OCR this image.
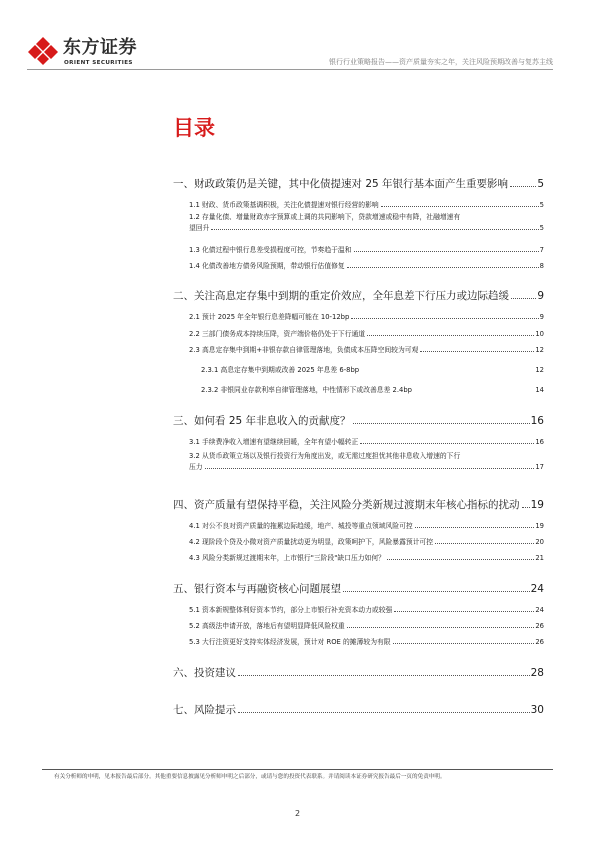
东方证券
ORIENT SECURITIES	银行行业策略报告——资产质量夯实之年，关注风险预期改善与复苏主线
目录
一、财政政策仍是关键，其中化债提速对 25 年银行基本面产生重要影响	5
1.1 财政、货币政策基调积极，关注化债提速对银行经营的影响	5
1.2 存量化债、增量财政赤字预算或上调的共同影响下，贷款增速或稳中有降，社融增速有
望回升	5
1.3 化债过程中银行息差受损程度可控，节奏趋于温和	7
1.4 化债改善地方债务风险预期，带动银行估值修复	8
二、关注高息定存集中到期的重定价效应，全年息差下行压力或边际趋缓	9
2.1 预计 2025 年全年银行息差降幅可能在 10-12bp	9
2.2 三部门债务成本持续压降，资产端价格仍处于下行通道	10
2.3 高息定存集中到期+非银存款自律管理落地，负债成本压降空间较为可观	12
2.3.1 高息定存集中到期或改善 2025 年息差 6-8bp	12
2.3.2 非银同业存款利率自律管理落地，中性情形下或改善息差 2.4bp	14
三、如何看 25 年非息收入的贡献度？	16
3.1 手续费净收入增速有望继续回暖，全年有望小幅转正	16
3.2 从货币政策立场以及银行投资行为角度出发，或无需过度担忧其他非息收入增速的下行
压力	17
四、资产质量有望保持平稳，关注风险分类新规过渡期末年核心指标的扰动 19
4.1 对公不良对资产质量的拖累边际趋缓，地产、城投等重点领域风险可控	19
4.2 现阶段个贷及小微对资产质量扰动更为明显，政策呵护下，风险暴露预计可控	20
4.3 风险分类新规过渡期末年，上市银行"三阶段"缺口压力如何？	21
五、银行资本与再融资核心问题展望	24
5.1 资本新规整体利好资本节约，部分上市银行补充资本动力或较强	24
5.2 高级法申请开放，落地后有望明显降低风险权重	26
5.3 大行注资更好支持实体经济发展，预计对 ROE 的摊薄较为有限	26
六、投资建议	28
七、风险提示	30
有关分析师的申明，见本报告最后部分。其他重要信息披露见分析师申明之后部分，或请与您的投资代表联系。并请阅读本证券研究报告最后一页的免责申明。
2
